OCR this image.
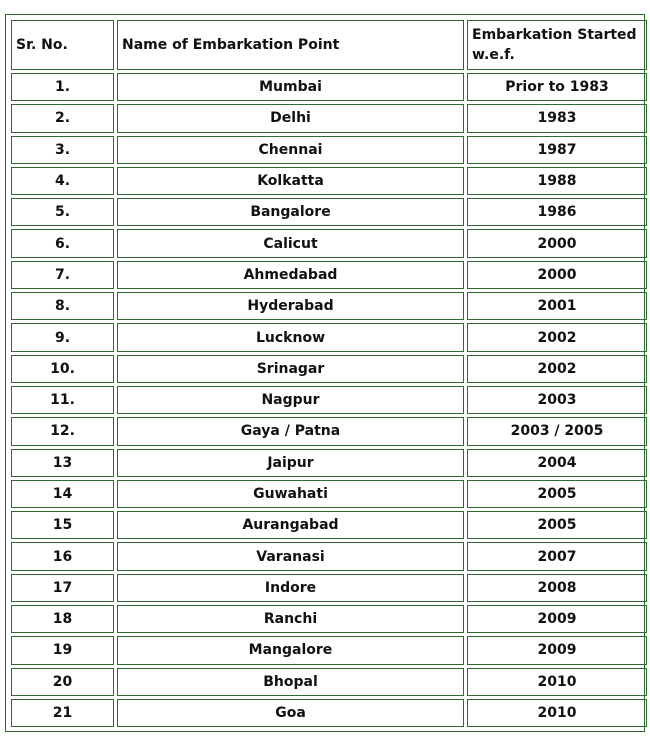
Sr. No.	Name of Embarkation Point	Embarkation Started w.e.f.
1.	Mumbai	Prior to 1983
2.	Delhi	1983
3.	Chennai	1987
4.	Kolkatta	1988
5.	Bangalore	1986
6.	Calicut	2000
7.	Ahmedabad	2000
8.	Hyderabad	2001
9.	Lucknow	2002
10.	Srinagar	2002
11.	Nagpur	2003
12.	Gaya / Patna	2003 / 2005
13	Jaipur	2004
14	Guwahati	2005
15	Aurangabad	2005
16	Varanasi	2007
17	Indore	2008
18	Ranchi	2009
19	Mangalore	2009
20	Bhopal	2010
21	Goa	2010
